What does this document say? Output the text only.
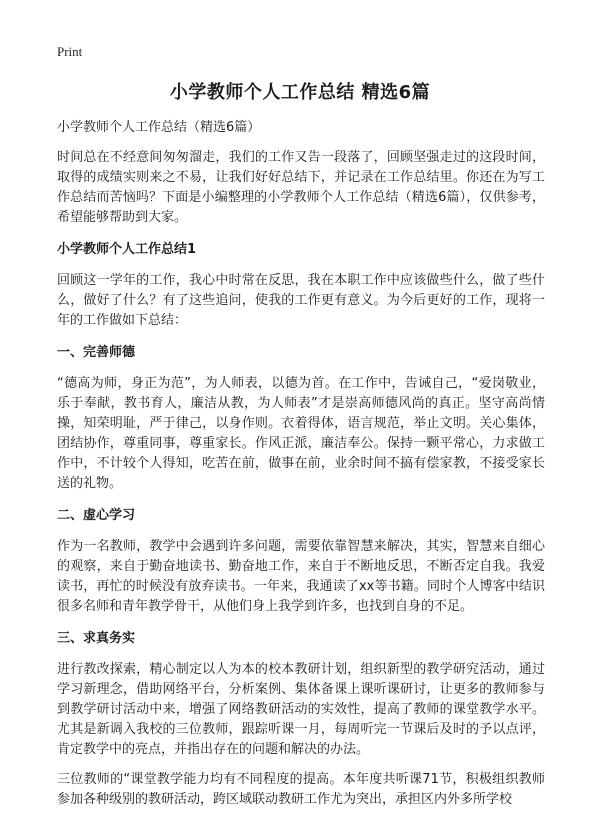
Print
小学教师个人工作总结 精选6篇
小学教师个人工作总结（精选6篇）
时间总在不经意间匆匆溜走，我们的工作又告一段落了，回顾坚强走过的这段时间，取得的成绩实则来之不易，让我们好好总结下，并记录在工作总结里。你还在为写工作总结而苦恼吗？下面是小编整理的小学教师个人工作总结（精选6篇），仅供参考，希望能够帮助到大家。
小学教师个人工作总结1
回顾这一学年的工作，我心中时常在反思，我在本职工作中应该做些什么，做了些什么，做好了什么？有了这些追问，使我的工作更有意义。为今后更好的工作，现将一年的工作做如下总结：
一、完善师德
“德高为师，身正为范”，为人师表，以德为首。在工作中，告诫自己，“爱岗敬业，乐于奉献，教书育人，廉洁从教，为人师表”才是崇高师德风尚的真正。坚守高尚情操，知荣明耻，严于律己，以身作则。衣着得体，语言规范，举止文明。关心集体，团结协作，尊重同事，尊重家长。作风正派，廉洁奉公。保持一颗平常心，力求做工作中，不计较个人得知，吃苦在前，做事在前，业余时间不搞有偿家教，不接受家长送的礼物。
二、虚心学习
作为一名教师，教学中会遇到许多问题，需要依靠智慧来解决，其实，智慧来自细心的观察，来自于勤奋地读书、勤奋地工作，来自于不断地反思，不断否定自我。我爱读书，再忙的时候没有放弃读书。一年来，我通读了xx等书籍。同时个人博客中结识很多名师和青年教学骨干，从他们身上我学到许多，也找到自身的不足。
三、求真务实
进行教改探索，精心制定以人为本的校本教研计划，组织新型的教学研究活动，通过学习新理念，借助网络平台，分析案例、集体备课上课听课研讨，让更多的教师参与到教学研讨活动中来，增强了网络教研活动的实效性，提高了教师的课堂教学水平。尤其是新调入我校的三位教师，跟踪听课一月，每周听完一节课后及时的予以点评，肯定教学中的亮点，并指出存在的问题和解决的办法。
三位教师的“课堂教学能力均有不同程度的提高。本年度共听课71节，积极组织教师参加各种级别的教研活动，跨区域联动教研工作尤为突出，承担区内外多所学校
